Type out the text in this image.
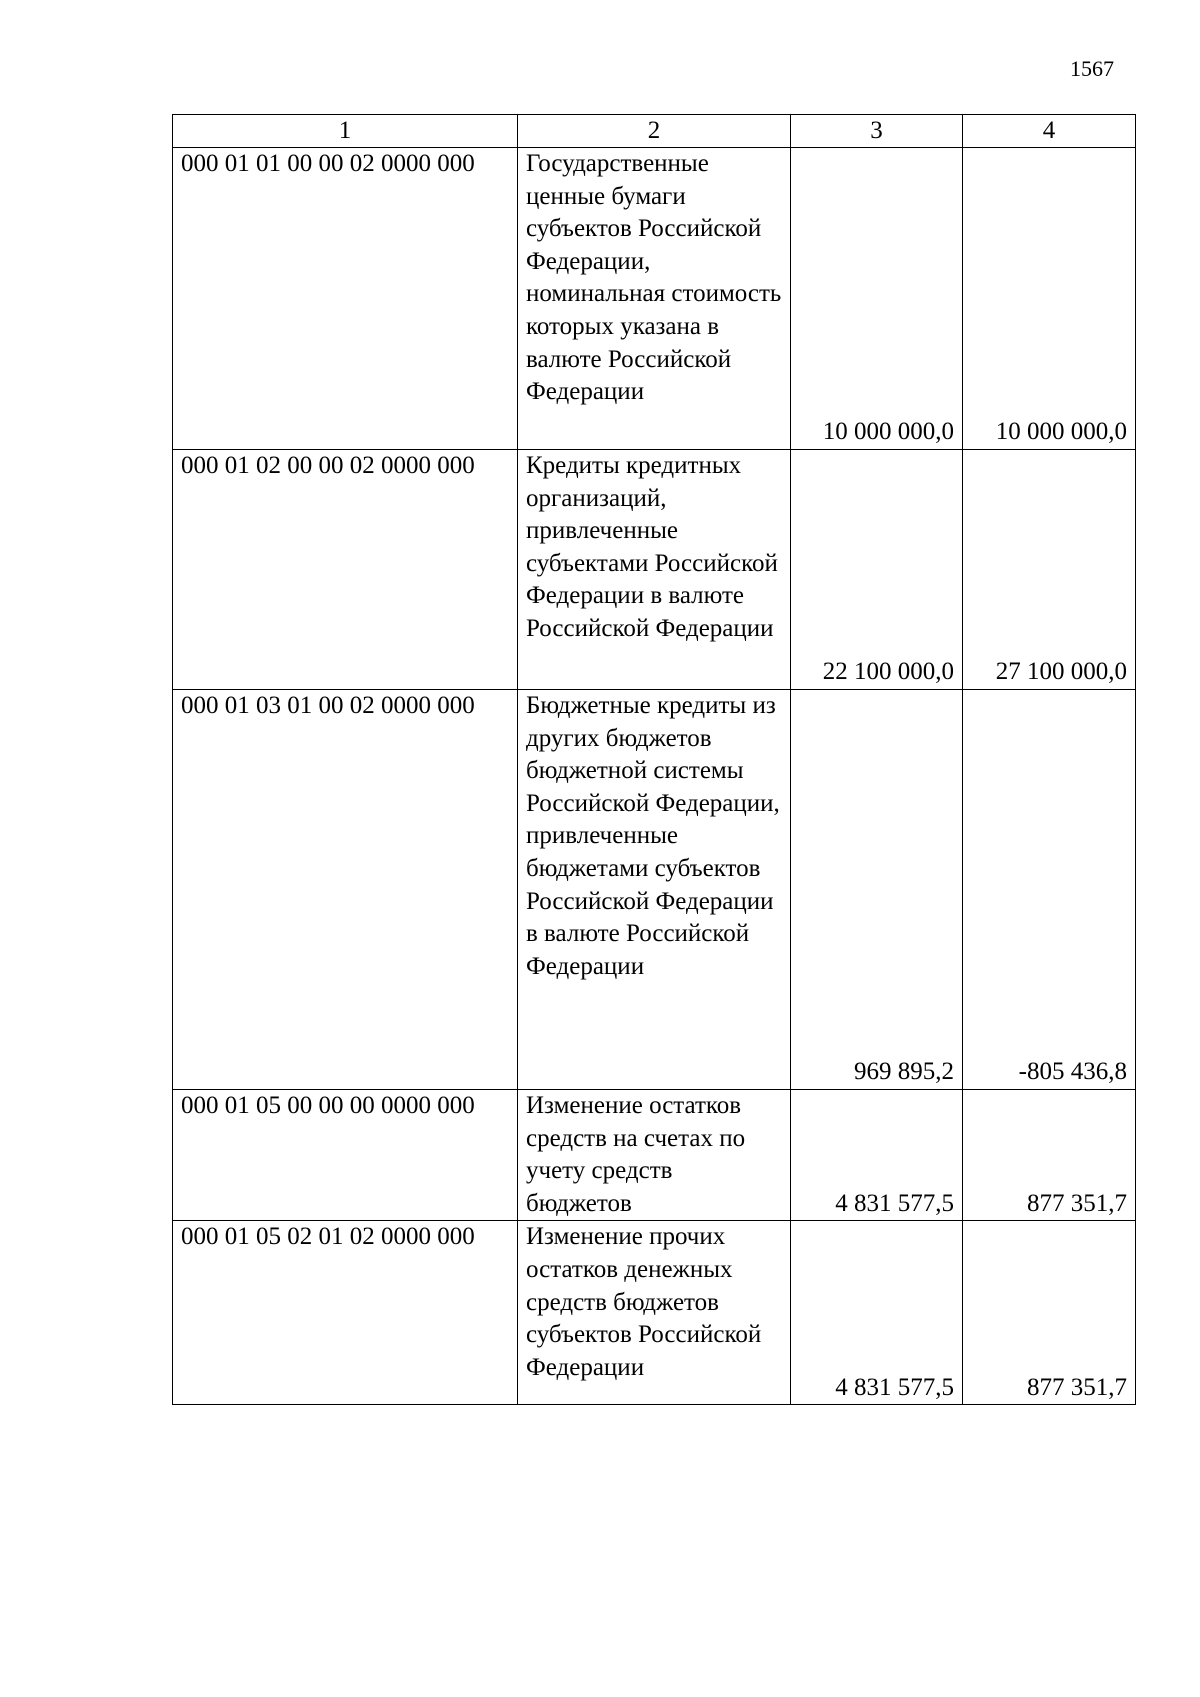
1567
1	2	3	4
000 01 01 00 00 02 0000 000	Государственные ценные бумаги субъектов Российской Федерации, номинальная стоимость которых указана в валюте Российской Федерации	10 000 000,0	10 000 000,0
000 01 02 00 00 02 0000 000	Кредиты кредитных организаций, привлеченные субъектами Российской Федерации в валюте Российской Федерации	22 100 000,0	27 100 000,0
000 01 03 01 00 02 0000 000	Бюджетные кредиты из других бюджетов бюджетной системы Российской Федерации, привлеченные бюджетами субъектов Российской Федерации в валюте Российской Федерации	969 895,2	-805 436,8
000 01 05 00 00 00 0000 000	Изменение остатков средств на счетах по учету средств бюджетов	4 831 577,5	877 351,7
000 01 05 02 01 02 0000 000	Изменение прочих остатков денежных средств бюджетов субъектов Российской Федерации	4 831 577,5	877 351,7
